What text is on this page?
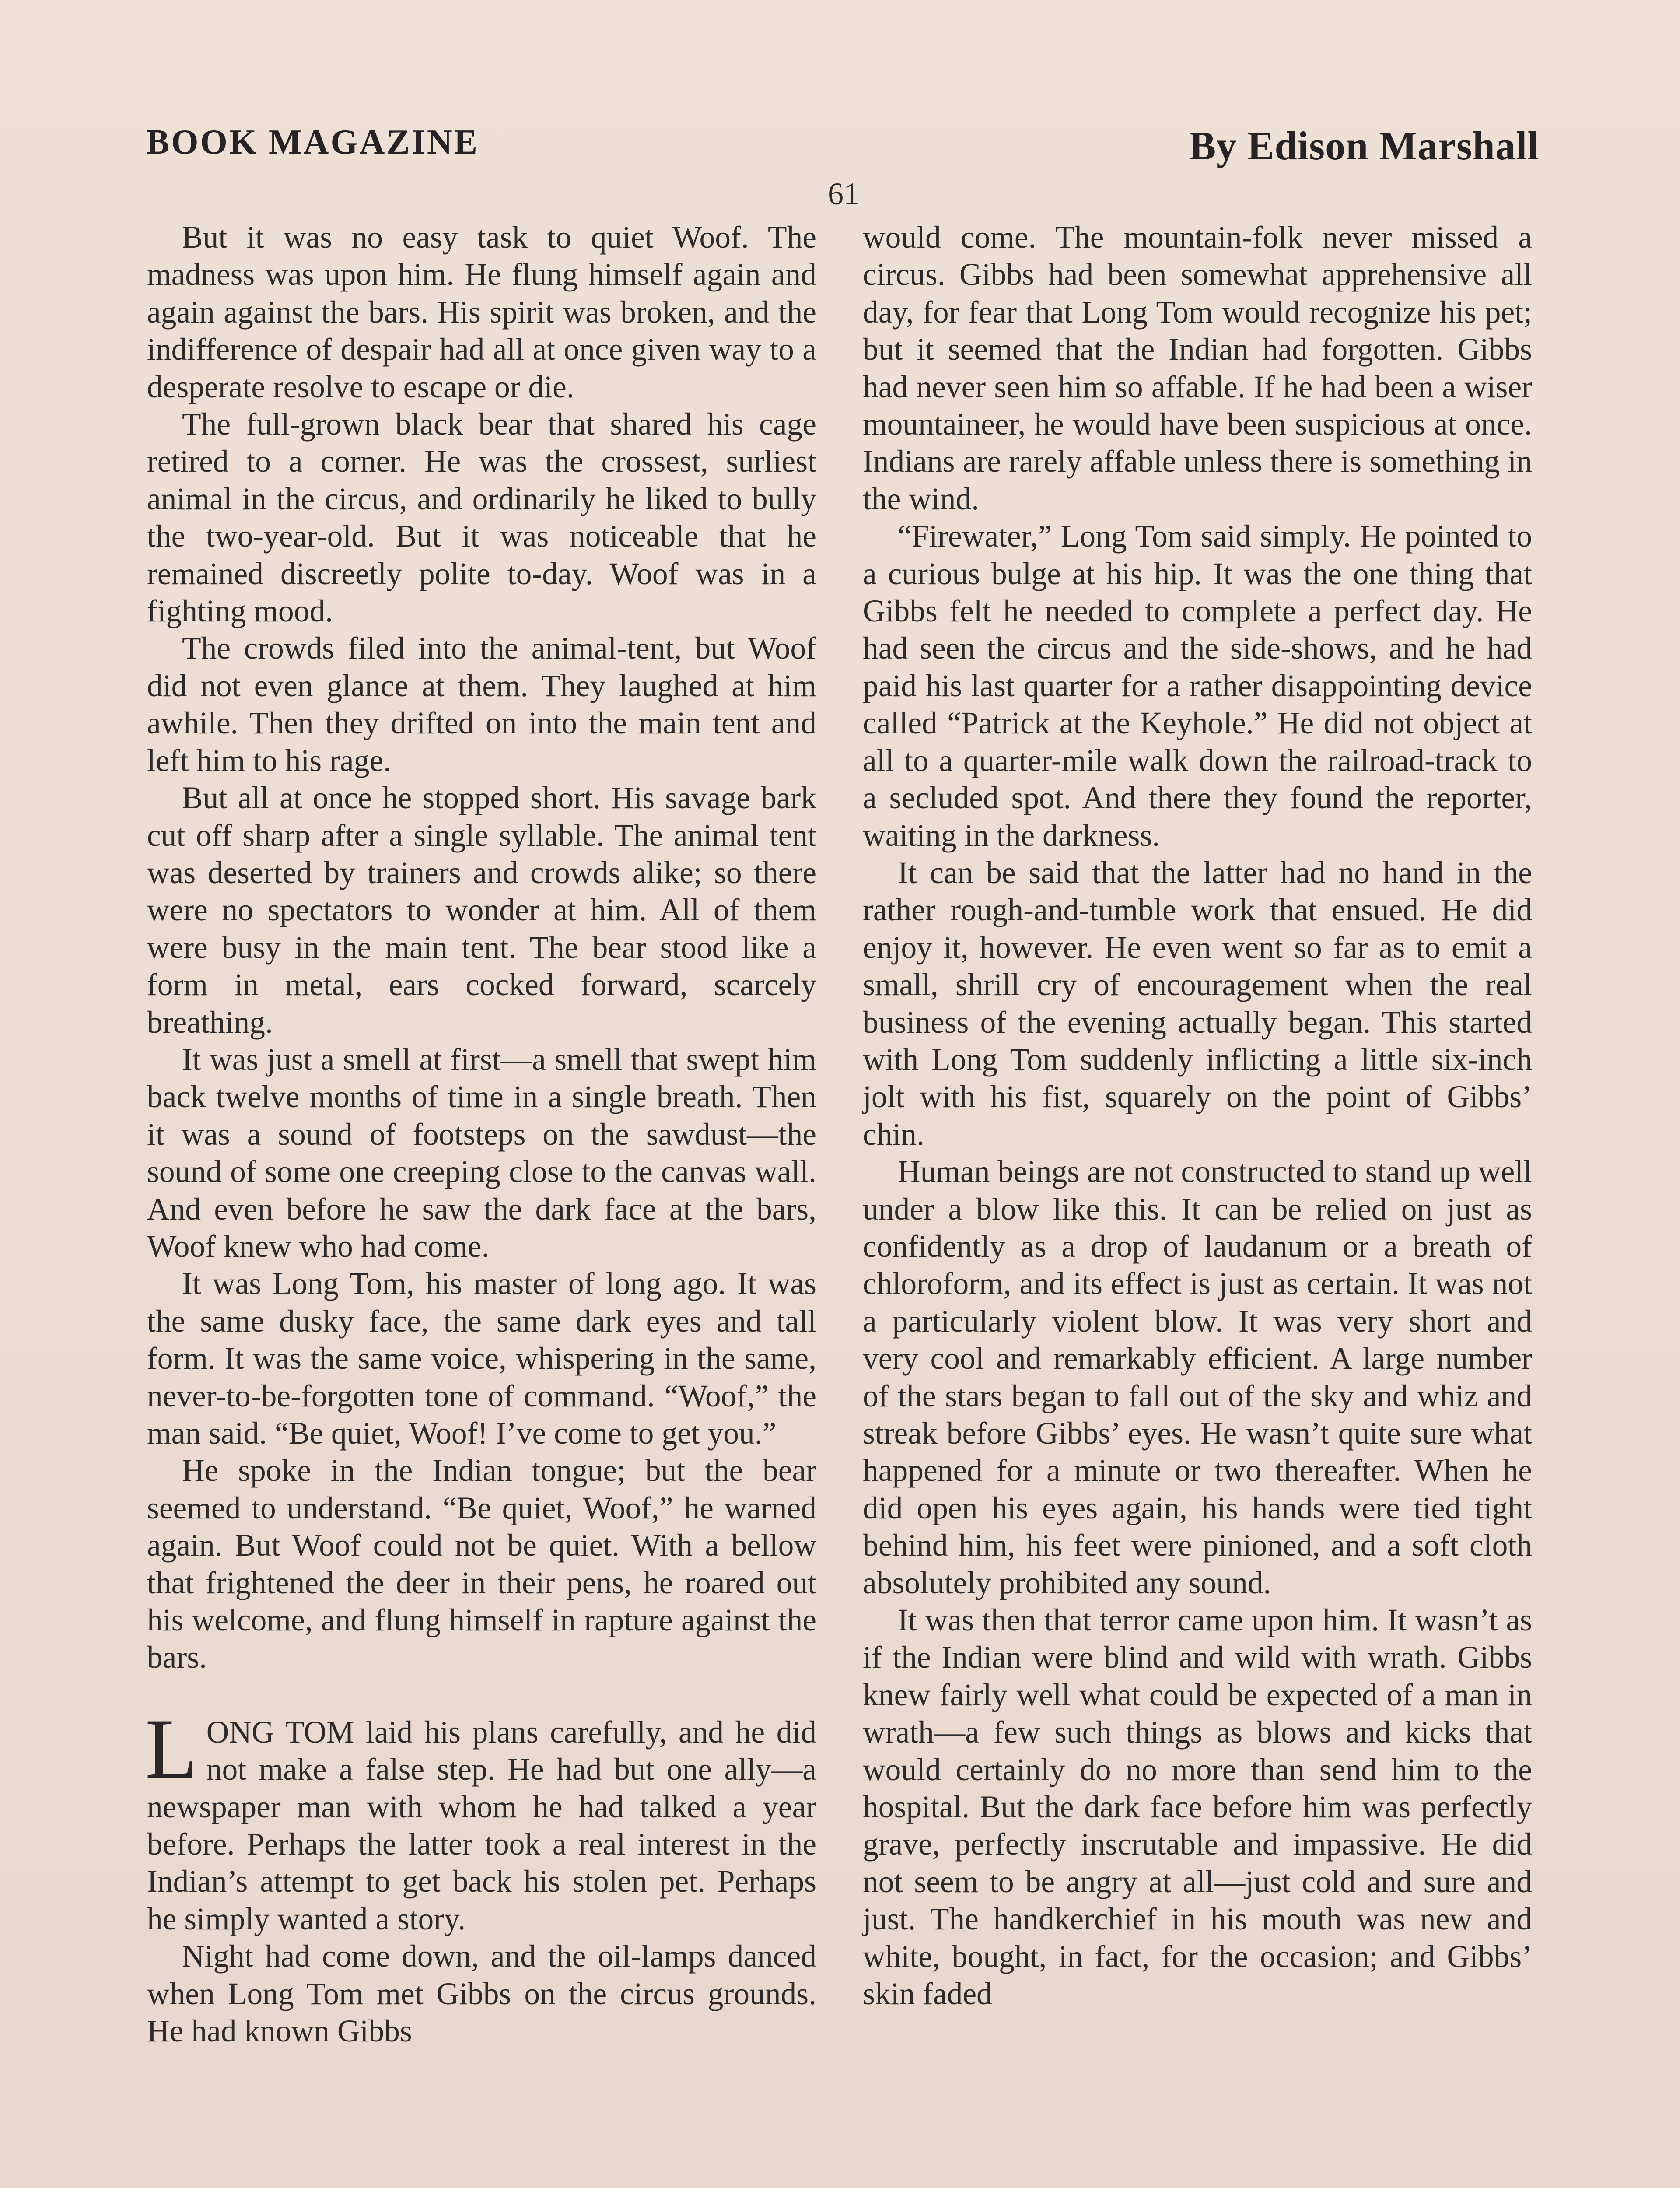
BOOK MAGAZINE	By Edison Marshall
61

But it was no easy task to quiet Woof. The madness was upon him. He flung himself again and again against the bars. His spirit was broken, and the indifference of despair had all at once given way to a desperate resolve to escape or die.

The full-grown black bear that shared his cage retired to a corner. He was the crossest, surliest animal in the circus, and ordinarily he liked to bully the two-year-old. But it was noticeable that he remained discreetly polite to-day. Woof was in a fighting mood.

The crowds filed into the animal-tent, but Woof did not even glance at them. They laughed at him awhile. Then they drifted on into the main tent and left him to his rage.

But all at once he stopped short. His savage bark cut off sharp after a single syllable. The animal tent was deserted by trainers and crowds alike; so there were no spectators to wonder at him. All of them were busy in the main tent. The bear stood like a form in metal, ears cocked forward, scarcely breathing.

It was just a smell at first—a smell that swept him back twelve months of time in a single breath. Then it was a sound of footsteps on the sawdust—the sound of some one creeping close to the canvas wall. And even before he saw the dark face at the bars, Woof knew who had come.

It was Long Tom, his master of long ago. It was the same dusky face, the same dark eyes and tall form. It was the same voice, whispering in the same, never-to-be-forgotten tone of command. “Woof,” the man said. “Be quiet, Woof! I’ve come to get you.”

He spoke in the Indian tongue; but the bear seemed to understand. “Be quiet, Woof,” he warned again. But Woof could not be quiet. With a bellow that frightened the deer in their pens, he roared out his welcome, and flung himself in rapture against the bars.

LONG TOM laid his plans carefully, and he did not make a false step. He had but one ally—a newspaper man with whom he had talked a year before. Perhaps the latter took a real interest in the Indian’s attempt to get back his stolen pet. Perhaps he simply wanted a story.

Night had come down, and the oil-lamps danced when Long Tom met Gibbs on the circus grounds. He had known Gibbs

would come. The mountain-folk never missed a circus. Gibbs had been somewhat apprehensive all day, for fear that Long Tom would recognize his pet; but it seemed that the Indian had forgotten. Gibbs had never seen him so affable. If he had been a wiser mountaineer, he would have been suspicious at once. Indians are rarely affable unless there is something in the wind.

“Firewater,” Long Tom said simply. He pointed to a curious bulge at his hip. It was the one thing that Gibbs felt he needed to complete a perfect day. He had seen the circus and the side-shows, and he had paid his last quarter for a rather disappointing device called “Patrick at the Keyhole.” He did not object at all to a quarter-mile walk down the railroad-track to a secluded spot. And there they found the reporter, waiting in the darkness.

It can be said that the latter had no hand in the rather rough-and-tumble work that ensued. He did enjoy it, however. He even went so far as to emit a small, shrill cry of encouragement when the real business of the evening actually began. This started with Long Tom suddenly inflicting a little six-inch jolt with his fist, squarely on the point of Gibbs’ chin.

Human beings are not constructed to stand up well under a blow like this. It can be relied on just as confidently as a drop of laudanum or a breath of chloroform, and its effect is just as certain. It was not a particularly violent blow. It was very short and very cool and remarkably efficient. A large number of the stars began to fall out of the sky and whiz and streak before Gibbs’ eyes. He wasn’t quite sure what happened for a minute or two thereafter. When he did open his eyes again, his hands were tied tight behind him, his feet were pinioned, and a soft cloth absolutely prohibited any sound.

It was then that terror came upon him. It wasn’t as if the Indian were blind and wild with wrath. Gibbs knew fairly well what could be expected of a man in wrath—a few such things as blows and kicks that would certainly do no more than send him to the hospital. But the dark face before him was perfectly grave, perfectly inscrutable and impassive. He did not seem to be angry at all—just cold and sure and just. The handkerchief in his mouth was new and white, bought, in fact, for the occasion; and Gibbs’ skin faded
